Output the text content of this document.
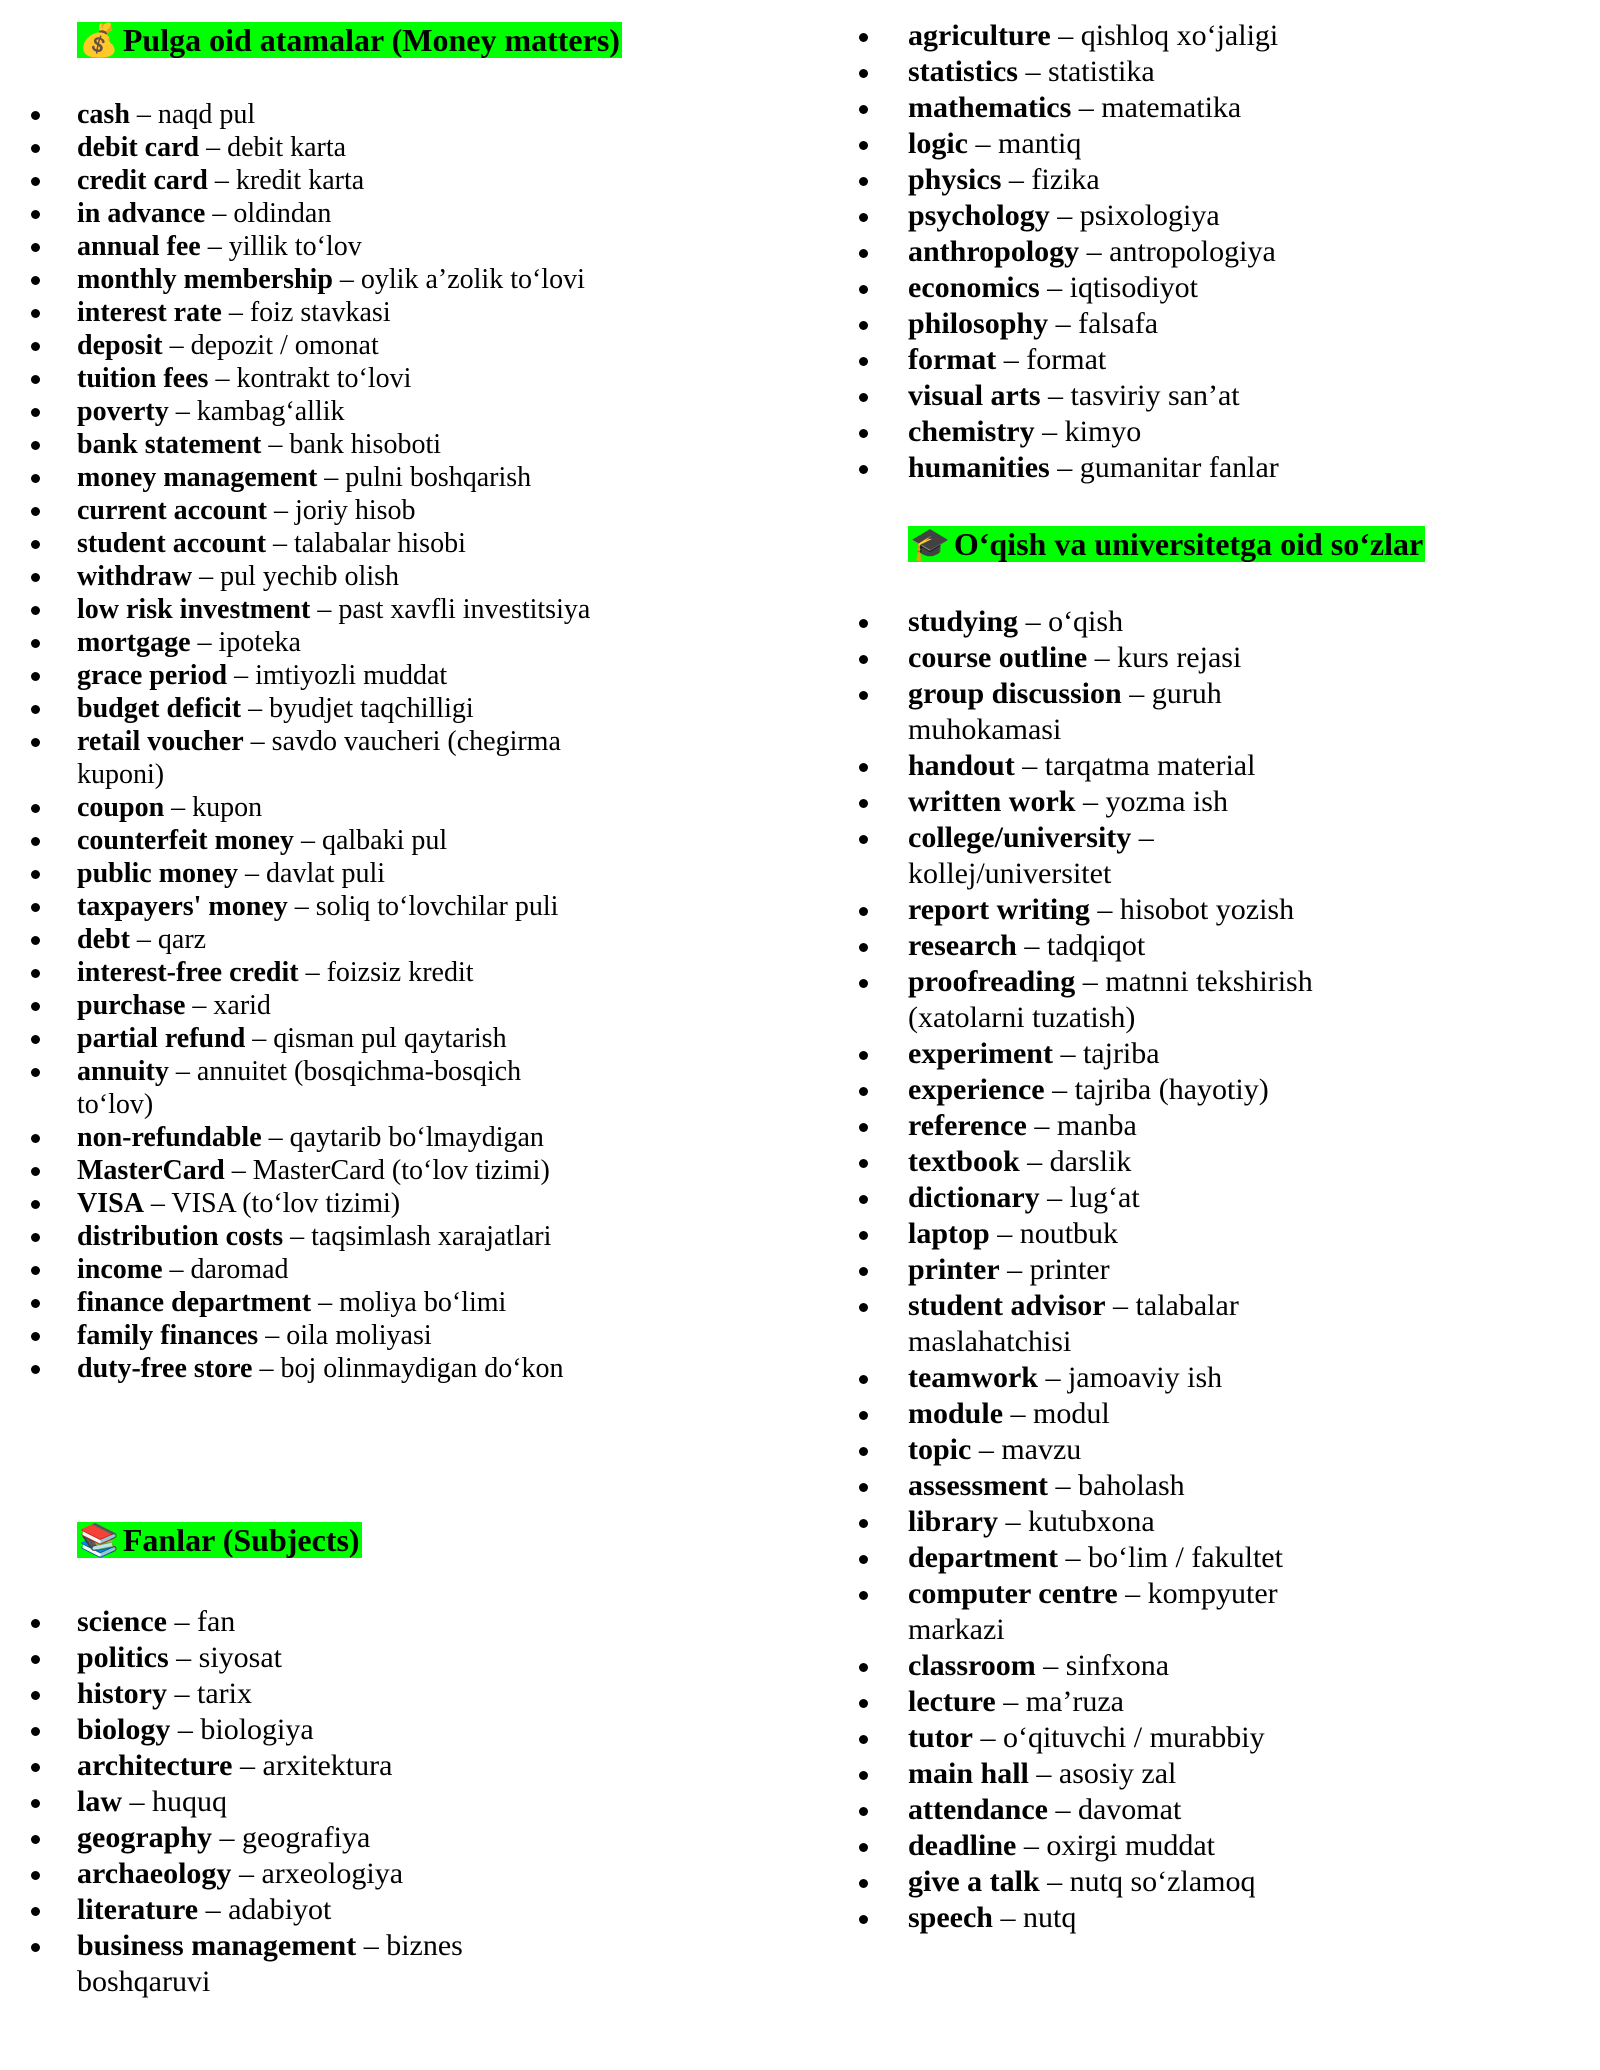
💰 Pulga oid atamalar (Money matters)
cash – naqd pul
debit card – debit karta
credit card – kredit karta
in advance – oldindan
annual fee – yillik to‘lov
monthly membership – oylik a’zolik to‘lovi
interest rate – foiz stavkasi
deposit – depozit / omonat
tuition fees – kontrakt to‘lovi
poverty – kambag‘allik
bank statement – bank hisoboti
money management – pulni boshqarish
current account – joriy hisob
student account – talabalar hisobi
withdraw – pul yechib olish
low risk investment – past xavfli investitsiya
mortgage – ipoteka
grace period – imtiyozli muddat
budget deficit – byudjet taqchilligi
retail voucher – savdo vaucheri (chegirma kuponi)
coupon – kupon
counterfeit money – qalbaki pul
public money – davlat puli
taxpayers' money – soliq to‘lovchilar puli
debt – qarz
interest-free credit – foizsiz kredit
purchase – xarid
partial refund – qisman pul qaytarish
annuity – annuitet (bosqichma-bosqich to‘lov)
non-refundable – qaytarib bo‘lmaydigan
MasterCard – MasterCard (to‘lov tizimi)
VISA – VISA (to‘lov tizimi)
distribution costs – taqsimlash xarajatlari
income – daromad
finance department – moliya bo‘limi
family finances – oila moliyasi
duty-free store – boj olinmaydigan do‘kon
📚 Fanlar (Subjects)
science – fan
politics – siyosat
history – tarix
biology – biologiya
architecture – arxitektura
law – huquq
geography – geografiya
archaeology – arxeologiya
literature – adabiyot
business management – biznes boshqaruvi
agriculture – qishloq xo‘jaligi
statistics – statistika
mathematics – matematika
logic – mantiq
physics – fizika
psychology – psixologiya
anthropology – antropologiya
economics – iqtisodiyot
philosophy – falsafa
format – format
visual arts – tasviriy san’at
chemistry – kimyo
humanities – gumanitar fanlar
🎓 O‘qish va universitetga oid so‘zlar
studying – o‘qish
course outline – kurs rejasi
group discussion – guruh muhokamasi
handout – tarqatma material
written work – yozma ish
college/university – kollej/universitet
report writing – hisobot yozish
research – tadqiqot
proofreading – matnni tekshirish (xatolarni tuzatish)
experiment – tajriba
experience – tajriba (hayotiy)
reference – manba
textbook – darslik
dictionary – lug‘at
laptop – noutbuk
printer – printer
student advisor – talabalar maslahatchisi
teamwork – jamoaviy ish
module – modul
topic – mavzu
assessment – baholash
library – kutubxona
department – bo‘lim / fakultet
computer centre – kompyuter markazi
classroom – sinfxona
lecture – ma’ruza
tutor – o‘qituvchi / murabbiy
main hall – asosiy zal
attendance – davomat
deadline – oxirgi muddat
give a talk – nutq so‘zlamoq
speech – nutq
